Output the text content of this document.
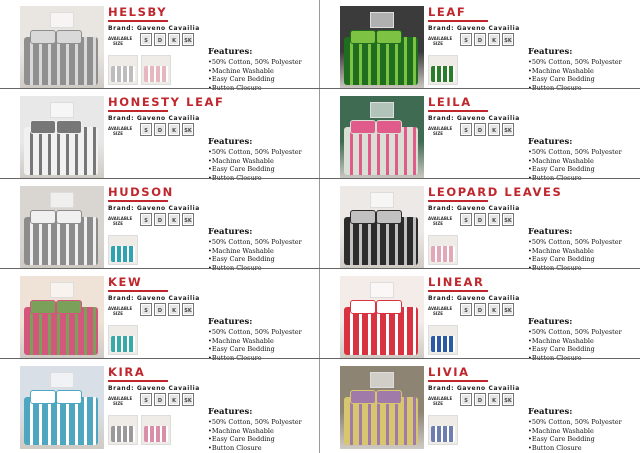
HELSBY
Brand: Gaveno Cavailia
AVAILABLE SIZE	S	D	K	SK
Features:
• 50% Cotton, 50% Polyester
• Machine Washable
• Easy Care Bedding
•
HONESTY LEAF
Brand: Gaveno Cavailia
AVAILABLE SIZE	S	D	K	SK
Features:
• 50% Cotton, 50% Polyester
• Machine Washable
• Easy Care Bedding
•
HUDSON
Brand: Gaveno Cavailia
AVAILABLE SIZE	S	D	K	SK
Features:
• 50% Cotton, 50% Polyester
• Machine Washable
• Easy Care Bedding
•
KEW
Brand: Gaveno Cavailia
AVAILABLE SIZE	S	D	K	SK
Features:
• 50% Cotton, 50% Polyester
• Machine Washable
• Easy Care Bedding
•
KIRA
Brand: Gaveno Cavailia
AVAILABLE SIZE	S	D	K	SK
Features:
• 50% Cotton, 50% Polyester
• Machine Washable
• Easy Care Bedding
• Button Closure
LEAF
Brand: Gaveno Cavailia
AVAILABLE SIZE	S	D	K	SK
Features:
• 50% Cotton, 50% Polyester
• Machine Washable
• Easy Care Bedding
•
LEILA
Brand: Gaveno Cavailia
AVAILABLE SIZE	S	D	K	SK
Features:
• 50% Cotton, 50% Polyester
• Machine Washable
• Easy Care Bedding
•
LEOPARD LEAVES
Brand: Gaveno Cavailia
AVAILABLE SIZE	S	D	K	SK
Features:
• 50% Cotton, 50% Polyester
• Machine Washable
• Easy Care Bedding
•
LINEAR
Brand: Gaveno Cavailia
AVAILABLE SIZE	S	D	K	SK
Features:
• 50% Cotton, 50% Polyester
• Machine Washable
• Easy Care Bedding
•
LIVIA
Brand: Gaveno Cavailia
AVAILABLE SIZE	S	D	K	SK
Features:
• 50% Cotton, 50% Polyester
• Machine Washable
• Easy Care Bedding
• Button Closure
